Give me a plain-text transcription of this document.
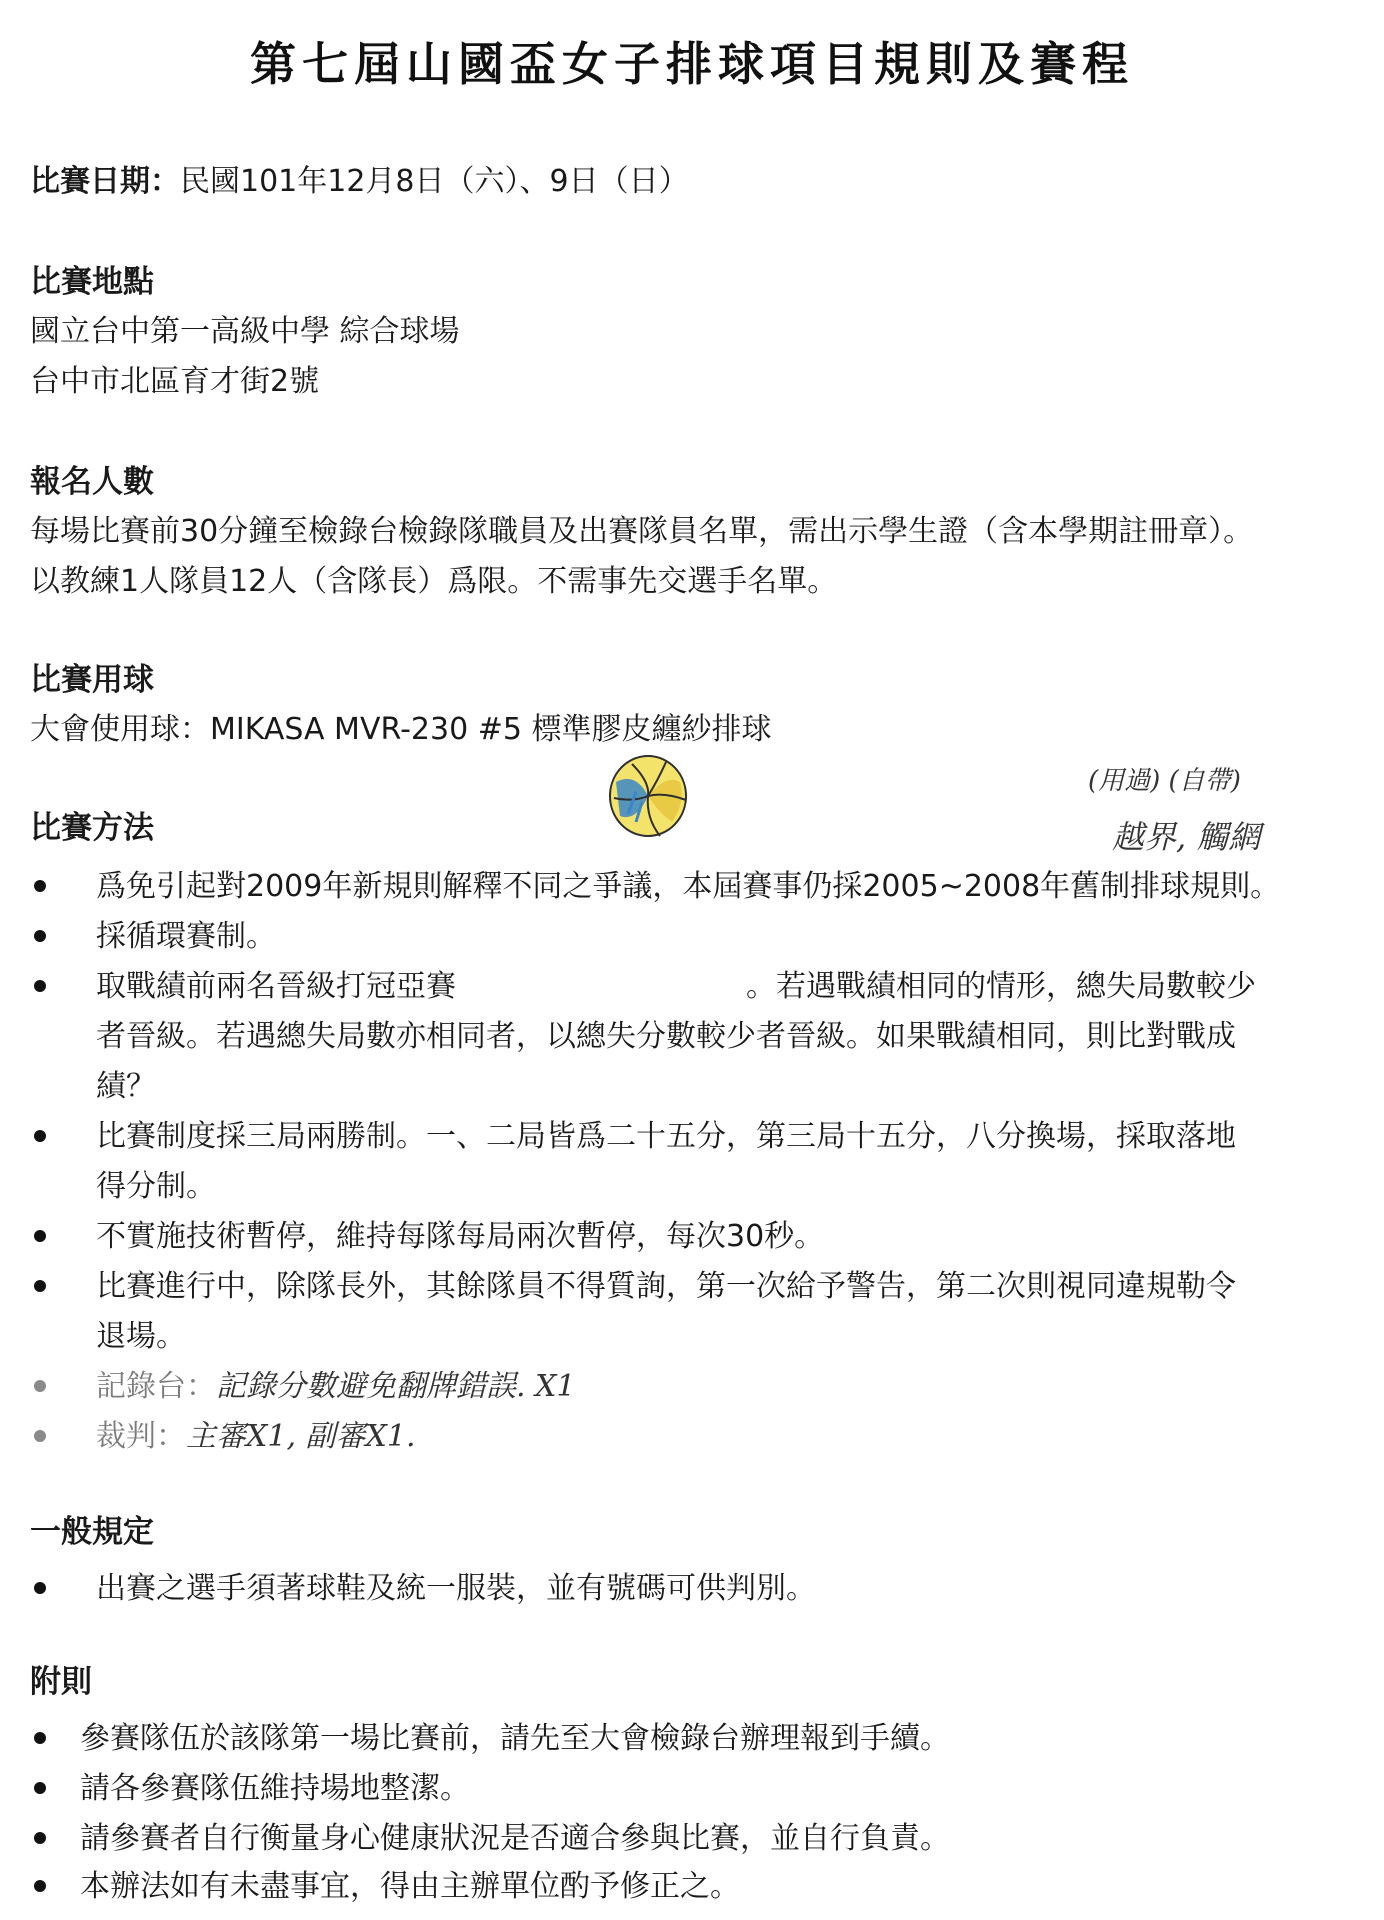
第七屆山國盃女子排球項目規則及賽程
比賽日期：民國101年12月8日（六）、9日（日）
比賽地點
國立台中第一高級中學 綜合球場
台中市北區育才街2號
報名人數
每場比賽前30分鐘至檢錄台檢錄隊職員及出賽隊員名單，需出示學生證（含本學期註冊章）。
以教練1人隊員12人（含隊長）爲限。不需事先交選手名單。
比賽用球
大會使用球：MIKASA MVR-230 #5 標準膠皮纏紗排球
(用過) (自帶)
越界, 觸網
比賽方法
爲免引起對2009年新規則解釋不同之爭議，本屆賽事仍採2005~2008年舊制排球規則。
採循環賽制。
取戰績前兩名晉級打冠亞賽	。若遇戰績相同的情形，總失局數較少
者晉級。若遇總失局數亦相同者，以總失分數較少者晉級。如果戰績相同，則比對戰成
績？
比賽制度採三局兩勝制。一、二局皆爲二十五分，第三局十五分，八分換場，採取落地
得分制。
不實施技術暫停，維持每隊每局兩次暫停，每次30秒。
比賽進行中，除隊長外，其餘隊員不得質詢，第一次給予警告，第二次則視同違規勒令
退場。
記錄台：記錄分數避免翻牌錯誤. X1
裁判：主審X1, 副審X1.
一般規定
出賽之選手須著球鞋及統一服裝，並有號碼可供判別。
附則
參賽隊伍於該隊第一場比賽前，請先至大會檢錄台辦理報到手續。
請各參賽隊伍維持場地整潔。
請參賽者自行衡量身心健康狀況是否適合參與比賽，並自行負責。
本辦法如有未盡事宜，得由主辦單位酌予修正之。
